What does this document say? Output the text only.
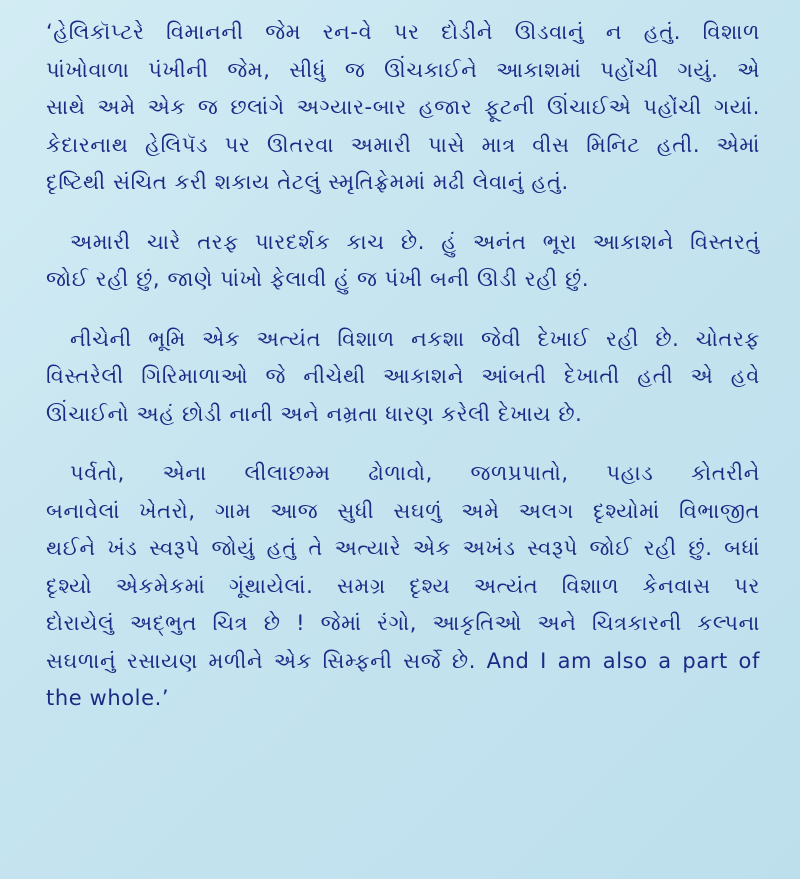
‘હેલિકૉપ્ટરે વિમાનની જેમ રન-વે પર દોડીને ઊડવાનું ન હતું. વિશાળ
પાંખોવાળા પંખીની જેમ, સીધું જ ઊંચકાઈને આકાશમાં પહોંચી ગયું. એ
સાથે અમે એક જ છલાંગે અગ્યાર-બાર હજાર ફૂટની ઊંચાઈએ પહોંચી ગયાં.
કેદારનાથ હેલિપૅડ પર ઊતરવા અમારી પાસે માત્ર વીસ મિનિટ હતી. એમાં
દૃષ્ટિથી સંચિત કરી શકાય તેટલું સ્મૃતિફ્રેમમાં મઢી લેવાનું હતું.
અમારી ચારે તરફ પારદર્શક કાચ છે. હું અનંત ભૂરા આકાશને વિસ્તરતું
જોઈ રહી છું, જાણે પાંખો ફેલાવી હું જ પંખી બની ઊડી રહી છું.
નીચેની ભૂમિ એક અત્યંત વિશાળ નકશા જેવી દેખાઈ રહી છે. ચોતરફ
વિસ્તરેલી ગિરિમાળાઓ જે નીચેથી આકાશને આંબતી દેખાતી હતી એ હવે
ઊંચાઈનો અહં છોડી નાની અને નમ્રતા ધારણ કરેલી દેખાય છે.
પર્વતો, એના લીલાછમ્મ ઢોળાવો, જળપ્રપાતો, પહાડ કોતરીને
બનાવેલાં ખેતરો, ગામ આજ સુધી સઘળું અમે અલગ દૃશ્યોમાં વિભાજીત
થઈને ખંડ સ્વરૂપે જોયું હતું તે અત્યારે એક અખંડ સ્વરૂપે જોઈ રહી છું. બધાં
દૃશ્યો એકમેકમાં ગૂંથાયેલાં. સમગ્ર દૃશ્ય અત્યંત વિશાળ કેનવાસ પર
દોરાયેલું અદ્ભુત ચિત્ર છે ! જેમાં રંગો, આકૃતિઓ અને ચિત્રકારની કલ્પના
સઘળાનું રસાયણ મળીને એક સિમ્ફની સર્જે છે. And I am also a part of
the whole.’
